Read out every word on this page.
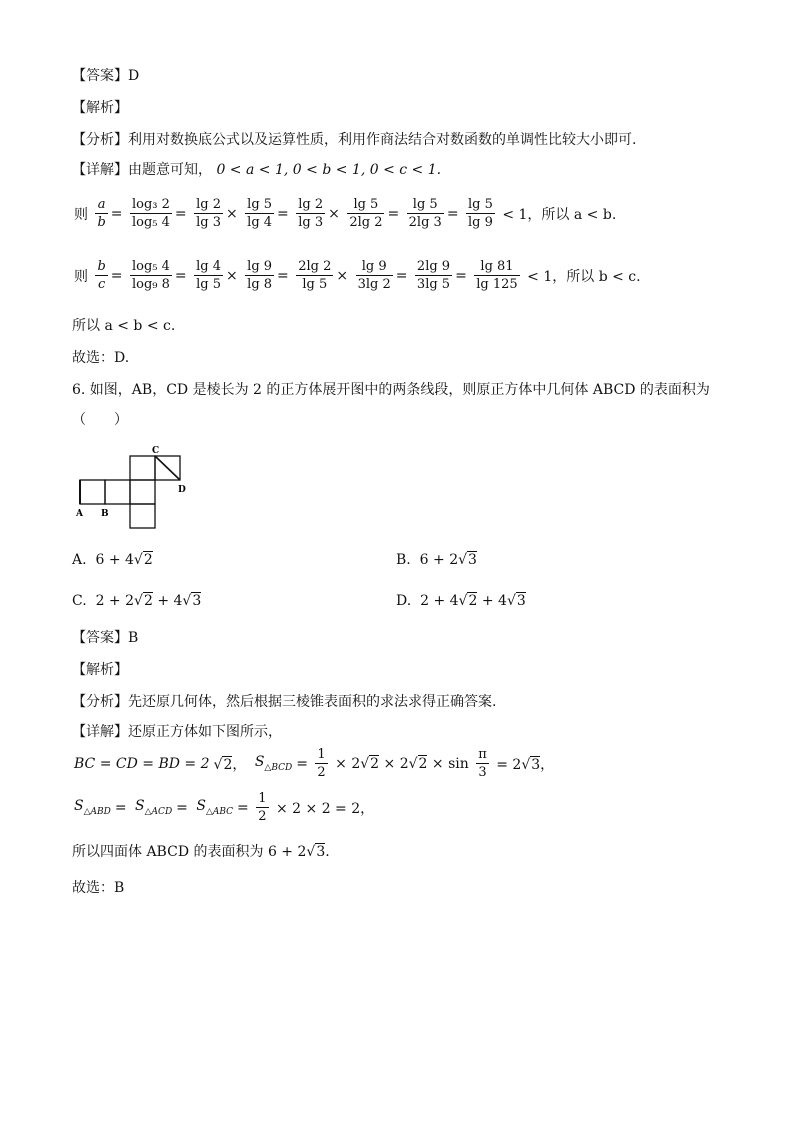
【答案】D
【解析】
【分析】利用对数换底公式以及运算性质，利用作商法结合对数函数的单调性比较大小即可.
【详解】由题意可知， 0 < a < 1, 0 < b < 1, 0 < c < 1.
则 $\frac{a}{b} = \frac{\text{log₃ 2}}{\text{log₅ 4}} = \frac{\lg 2}{\lg 3} \times \frac{\lg 5}{\lg 4} = \frac{\lg 2}{\lg 3} \times \frac{\lg 5}{2\lg 2} = \frac{\lg 5}{2\lg 3} = \frac{\lg 5}{\lg 9} < 1$，所以 a < b.
则 $\frac{b}{c} = \frac{\text{log₅ 4}}{\text{log₉ 8}} = \frac{\lg 4}{\lg 5} \times \frac{\lg 9}{\lg 8} = \frac{2\lg 2}{\lg 5} \times \frac{\lg 9}{3\lg 2} = \frac{2\lg 9}{3\lg 5} = \frac{\lg 81}{\lg 125} < 1$，所以 b < c.
所以 a < b < c.
故选：D.
6. 如图，AB，CD 是棱长为 2 的正方体展开图中的两条线段，则原正方体中几何体 ABCD 的表面积为
（　　）
C
D
A B
A. 6 + 4√2	B. 6 + 2√3
C. 2 + 2√2 + 4√3	D. 2 + 4√2 + 4√3
【答案】B
【解析】
【分析】先还原几何体，然后根据三棱锥表面积的求法求得正确答案.
【详解】还原正方体如下图所示，
BC = CD = BD = 2 √2， $S_{\triangle BCD}= \frac{1}{2} \times 2√2 \times 2√2 \times \sin \frac{\pi}{3} = 2√3$，
$S_{\triangle ABD} = S_{\triangle ACD} = S_{\triangle ABC} = \frac{1}{2} \times 2 \times 2 = 2$，
所以四面体 ABCD 的表面积为 6 + 2√3.
故选：B
